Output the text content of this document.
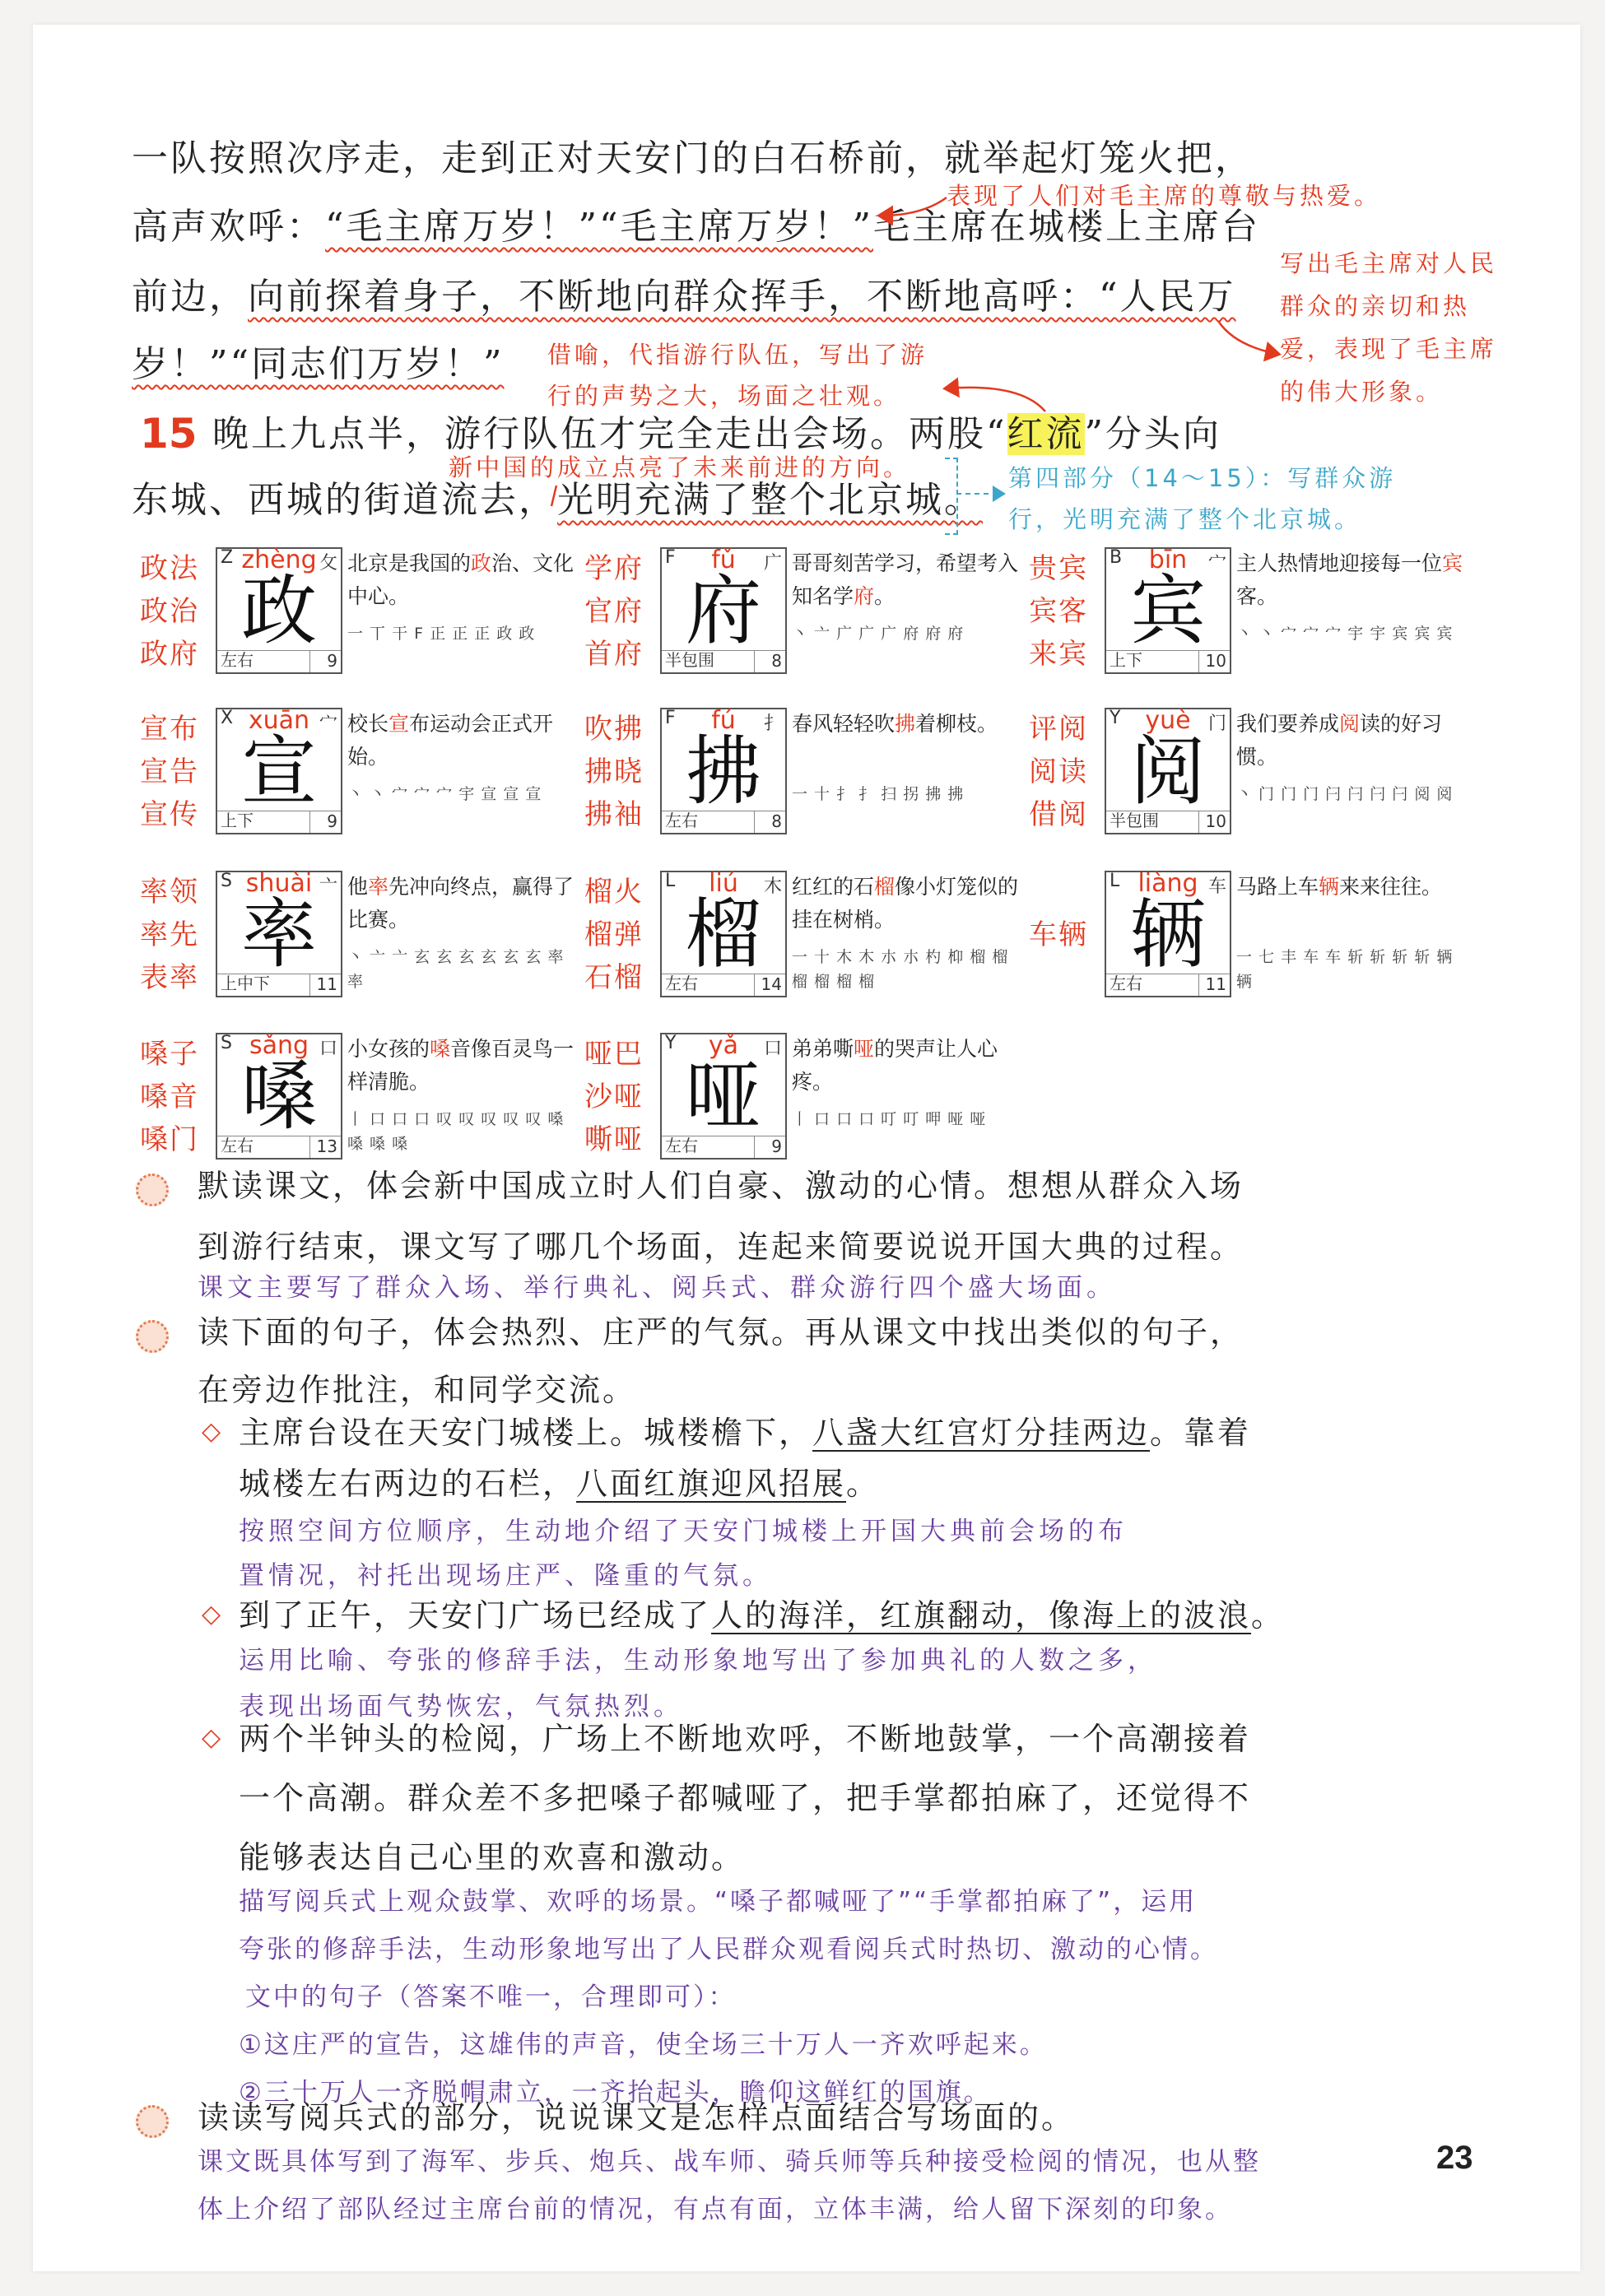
一队按照次序走，走到正对天安门的白石桥前，就举起灯笼火把，
高声欢呼：“毛主席万岁！”“毛主席万岁！”毛主席在城楼上主席台
前边，向前探着身子，不断地向群众挥手，不断地高呼：“人民万
岁！”“同志们万岁！”
15 晚上九点半，游行队伍才完全走出会场。两股“红流”分头向
东城、西城的街道流去，光明充满了整个北京城。
表现了人们对毛主席的尊敬与热爱。
写出毛主席对人民
群众的亲切和热
爱，表现了毛主席
的伟大形象。
借喻，代指游行队伍，写出了游
行的声势之大，场面之壮观。
新中国的成立点亮了未来前进的方向。	第四部分（14～15）：写群众游
行，光明充满了整个北京城。
政法
政治
政府
Z zhèng 攵
政
左右	9
北京是我国的政治、文化中心。
一 丅 干 F 正 正 正 政 政
学府
官府
首府
F	fǔ	广
府
半包围	8
哥哥刻苦学习，希望考入知名学府。
丶 亠 广 广 广 府 府 府
贵宾
宾客
来宾
B	bīn	宀
宾
上下	10
主人热情地迎接每一位宾客。
丶 丶 宀 宀 宀 宇 宇 宾 宾 宾
宣布
宣告
宣传
X xuān 宀
宣
上下	9
校长宣布运动会正式开始。
丶 丶 宀 宀 宀 宇 宣 宣 宣
吹拂
拂晓
拂袖
F	fú	扌
拂
左右	8
春风轻轻吹拂着柳枝。
一 十 扌 扌 扫 拐 拂 拂
评阅
阅读
借阅
Y yuè 门
阅
半包围	10
我们要养成阅读的好习惯。
丶 门 门 门 闩 闩 闩 闩 阅 阅
率领
率先
表率
S shuài 亠
率
上中下	11
他率先冲向终点，赢得了比赛。
丶 亠 亠 玄 玄 玄 玄 玄 玄 率 率
榴火
榴弹
石榴
L	liú	木
榴
左右	14
红红的石榴像小灯笼似的挂在树梢。
一 十 木 木 朩 朩 杓 枊 榴 榴 榴 榴 榴 榴
车辆
L liàng 车
辆
左右	11
马路上车辆来来往往。
一 七 丰 车 车 斩 斩 斩 斩 辆 辆
嗓子
嗓音
嗓门
S sǎng 口
嗓
左右	13
小女孩的嗓音像百灵鸟一样清脆。
丨 口 口 口 叹 叹 叹 叹 叹 嗓 嗓 嗓 嗓
哑巴
沙哑
嘶哑
Y	yǎ	口
哑
左右	9
弟弟嘶哑的哭声让人心疼。
丨 口 口 口 叮 叮 呷 哑 哑
默读课文，体会新中国成立时人们自豪、激动的心情。想想从群众入场
到游行结束，课文写了哪几个场面，连起来简要说说开国大典的过程。
课文主要写了群众入场、举行典礼、阅兵式、群众游行四个盛大场面。
读下面的句子，体会热烈、庄严的气氛。再从课文中找出类似的句子，
在旁边作批注，和同学交流。
◇ 主席台设在天安门城楼上。城楼檐下，八盏大红宫灯分挂两边。靠着
城楼左右两边的石栏，八面红旗迎风招展。
按照空间方位顺序，生动地介绍了天安门城楼上开国大典前会场的布
置情况，衬托出现场庄严、隆重的气氛。
◇ 到了正午，天安门广场已经成了人的海洋，红旗翻动，像海上的波浪。
运用比喻、夸张的修辞手法，生动形象地写出了参加典礼的人数之多，
表现出场面气势恢宏，气氛热烈。
◇ 两个半钟头的检阅，广场上不断地欢呼，不断地鼓掌，一个高潮接着
一个高潮。群众差不多把嗓子都喊哑了，把手掌都拍麻了，还觉得不
能够表达自己心里的欢喜和激动。
描写阅兵式上观众鼓掌、欢呼的场景。“嗓子都喊哑了”“手掌都拍麻了”，运用
夸张的修辞手法，生动形象地写出了人民群众观看阅兵式时热切、激动的心情。
文中的句子（答案不唯一，合理即可）：
①这庄严的宣告，这雄伟的声音，使全场三十万人一齐欢呼起来。
②三十万人一齐脱帽肃立，一齐抬起头，瞻仰这鲜红的国旗。
读读写阅兵式的部分，说说课文是怎样点面结合写场面的。
课文既具体写到了海军、步兵、炮兵、战车师、骑兵师等兵种接受检阅的情况，也从整
体上介绍了部队经过主席台前的情况，有点有面，立体丰满，给人留下深刻的印象。
23
